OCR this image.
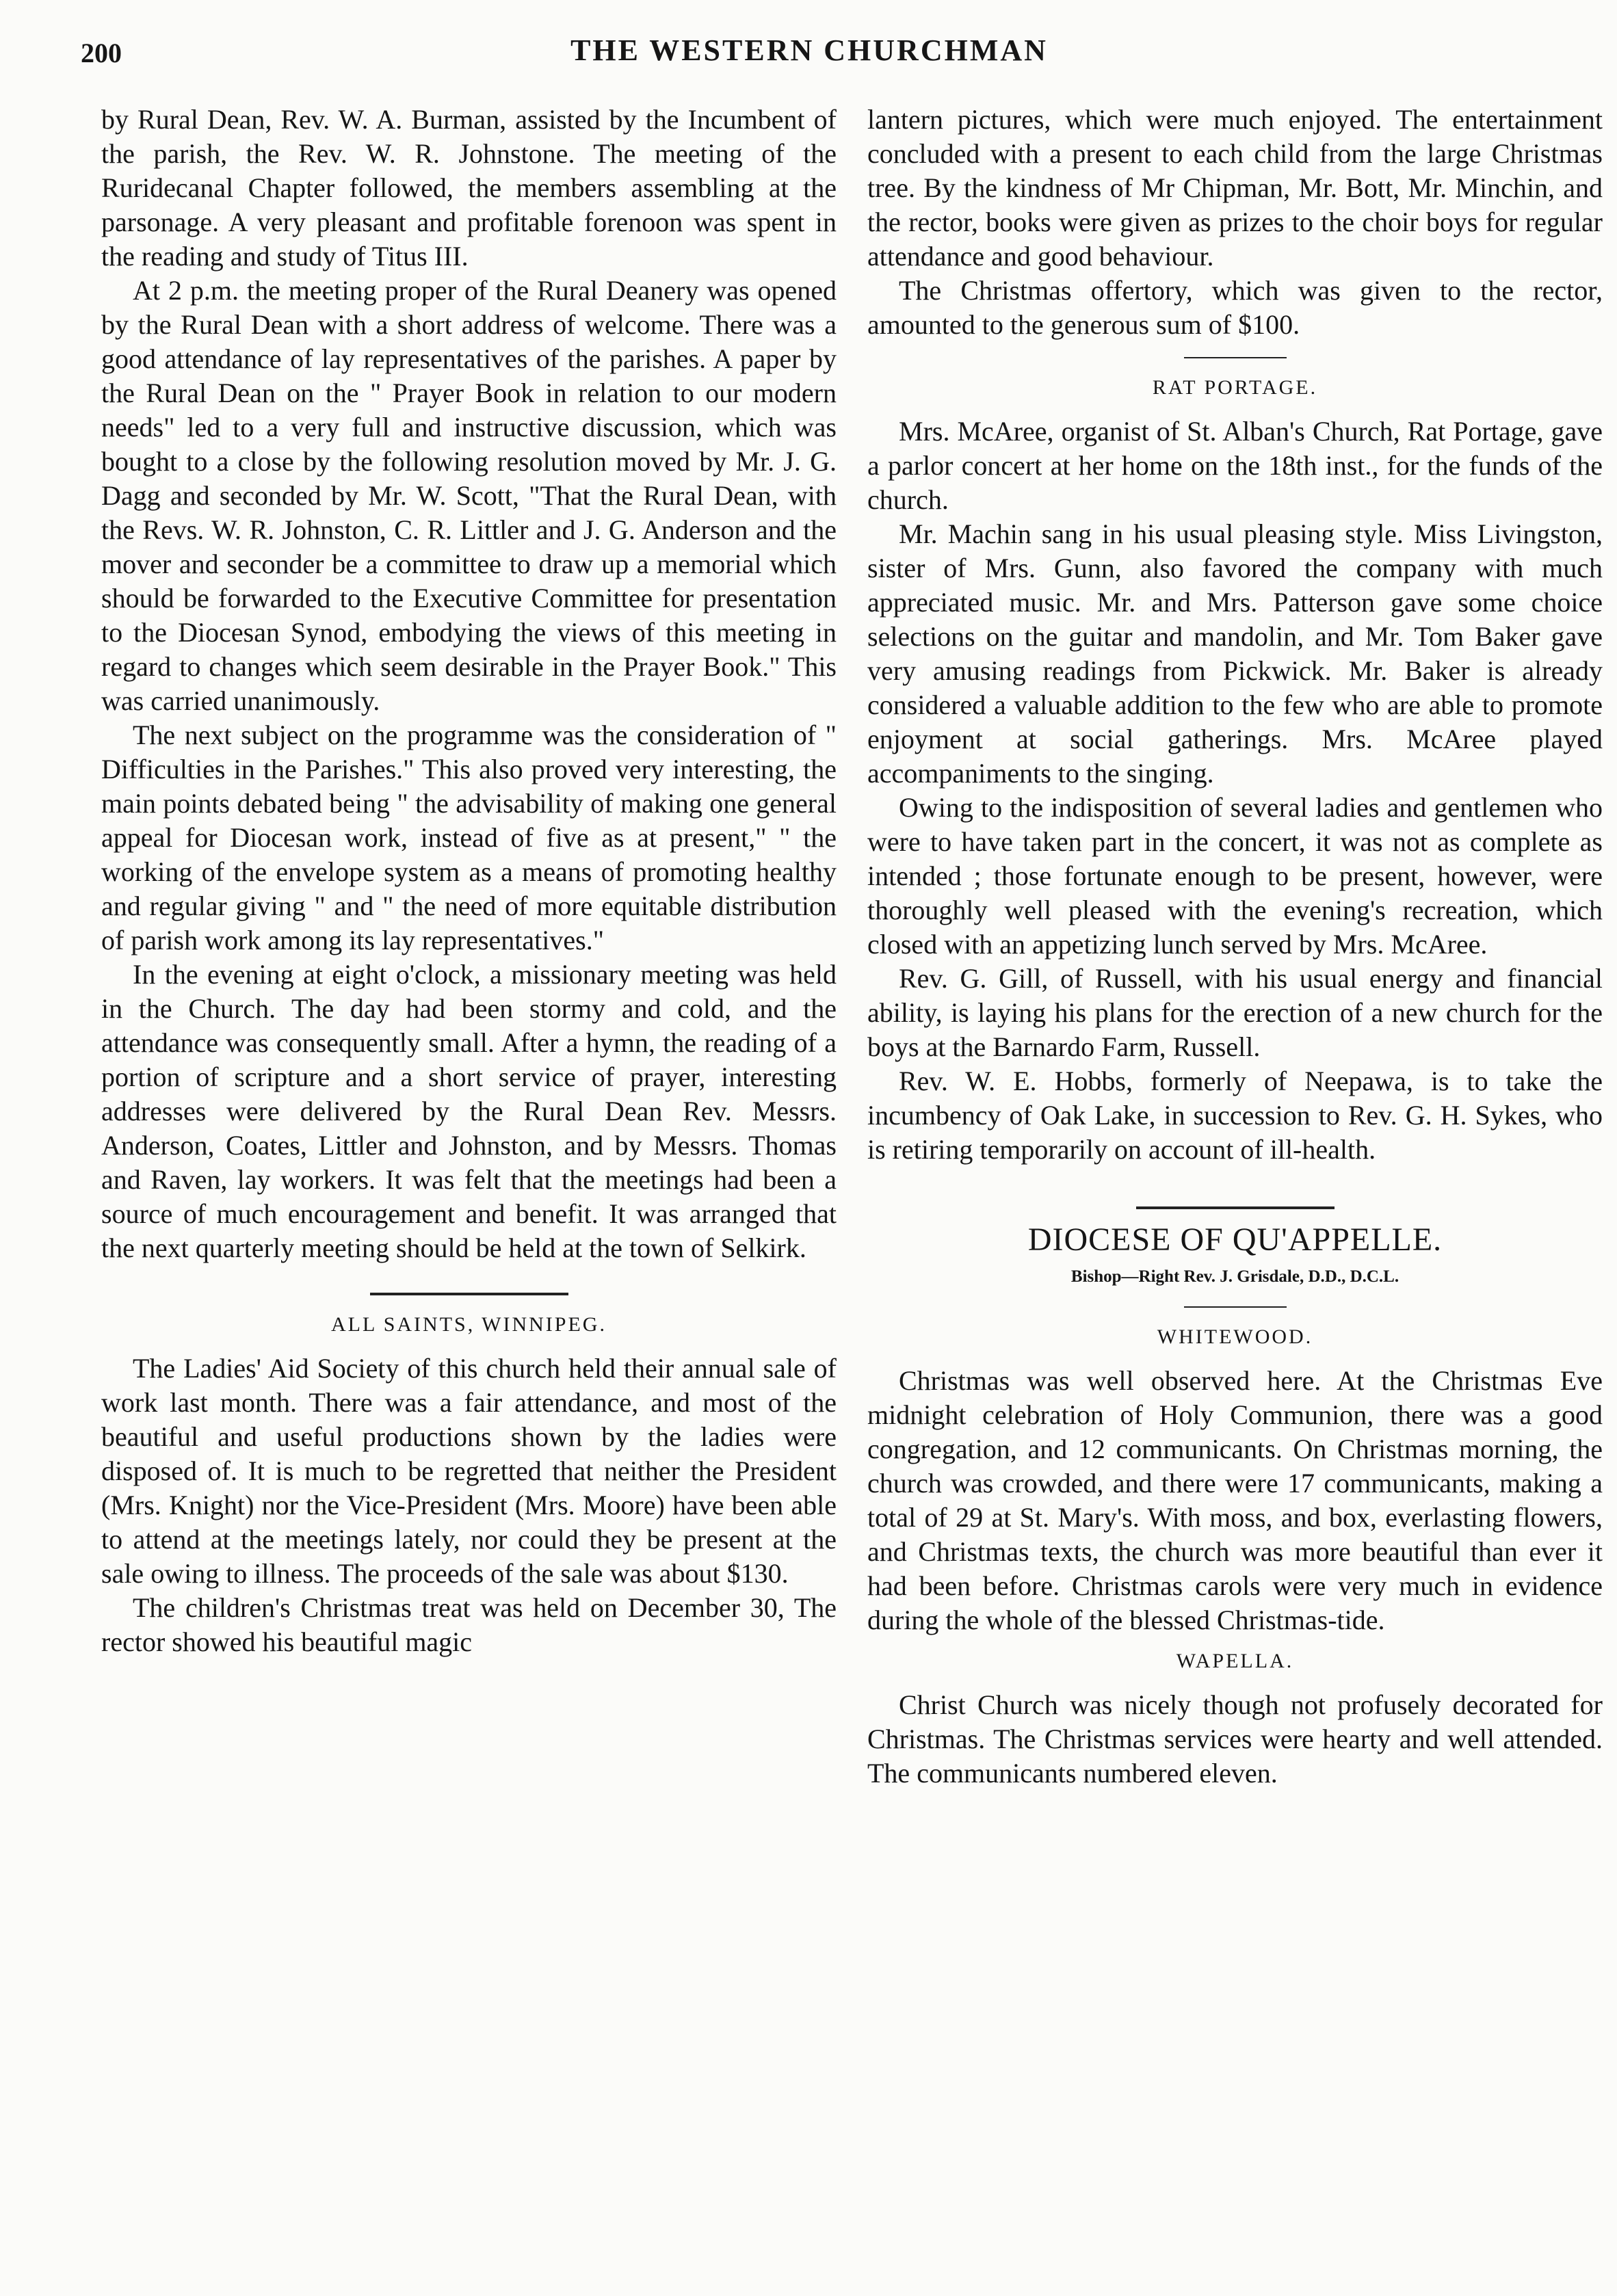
200	THE WESTERN CHURCHMAN

by Rural Dean, Rev. W. A. Burman, assisted by the Incumbent of the parish, the Rev. W. R. Johnstone. The meeting of the Ruridecanal Chapter followed, the members assembling at the parsonage. A very pleasant and profitable forenoon was spent in the reading and study of Titus III.

At 2 p.m. the meeting proper of the Rural Deanery was opened by the Rural Dean with a short address of welcome. There was a good attendance of lay representatives of the parishes. A paper by the Rural Dean on the " Prayer Book in relation to our modern needs" led to a very full and instructive discussion, which was bought to a close by the following resolution moved by Mr. J. G. Dagg and seconded by Mr. W. Scott, "That the Rural Dean, with the Revs. W. R. Johnston, C. R. Littler and J. G. Anderson and the mover and seconder be a committee to draw up a memorial which should be forwarded to the Executive Committee for presentation to the Diocesan Synod, embodying the views of this meeting in regard to changes which seem desirable in the Prayer Book." This was carried unanimously.

The next subject on the programme was the consideration of " Difficulties in the Parishes." This also proved very interesting, the main points debated being " the advisability of making one general appeal for Diocesan work, instead of five as at present," " the working of the envelope system as a means of promoting healthy and regular giving " and " the need of more equitable distribution of parish work among its lay representatives."

In the evening at eight o'clock, a missionary meeting was held in the Church. The day had been stormy and cold, and the attendance was consequently small. After a hymn, the reading of a portion of scripture and a short service of prayer, interesting addresses were delivered by the Rural Dean Rev. Messrs. Anderson, Coates, Littler and Johnston, and by Messrs. Thomas and Raven, lay workers. It was felt that the meetings had been a source of much encouragement and benefit. It was arranged that the next quarterly meeting should be held at the town of Selkirk.

ALL SAINTS, WINNIPEG.

The Ladies' Aid Society of this church held their annual sale of work last month. There was a fair attendance, and most of the beautiful and useful productions shown by the ladies were disposed of. It is much to be regretted that neither the President (Mrs. Knight) nor the Vice-President (Mrs. Moore) have been able to attend at the meetings lately, nor could they be present at the sale owing to illness. The proceeds of the sale was about $130.

The children's Christmas treat was held on December 30, The rector showed his beautiful magic

lantern pictures, which were much enjoyed. The entertainment concluded with a present to each child from the large Christmas tree. By the kindness of Mr Chipman, Mr. Bott, Mr. Minchin, and the rector, books were given as prizes to the choir boys for regular attendance and good behaviour.

The Christmas offertory, which was given to the rector, amounted to the generous sum of $100.

RAT PORTAGE.

Mrs. McAree, organist of St. Alban's Church, Rat Portage, gave a parlor concert at her home on the 18th inst., for the funds of the church.

Mr. Machin sang in his usual pleasing style. Miss Livingston, sister of Mrs. Gunn, also favored the company with much appreciated music. Mr. and Mrs. Patterson gave some choice selections on the guitar and mandolin, and Mr. Tom Baker gave very amusing readings from Pickwick. Mr. Baker is already considered a valuable addition to the few who are able to promote enjoyment at social gatherings. Mrs. McAree played accompaniments to the singing.

Owing to the indisposition of several ladies and gentlemen who were to have taken part in the concert, it was not as complete as intended ; those fortunate enough to be present, however, were thoroughly well pleased with the evening's recreation, which closed with an appetizing lunch served by Mrs. McAree.

Rev. G. Gill, of Russell, with his usual energy and financial ability, is laying his plans for the erection of a new church for the boys at the Barnardo Farm, Russell.

Rev. W. E. Hobbs, formerly of Neepawa, is to take the incumbency of Oak Lake, in succession to Rev. G. H. Sykes, who is retiring temporarily on account of ill-health.

DIOCESE OF QU'APPELLE.
Bishop—Right Rev. J. Grisdale, D.D., D.C.L.
WHITEWOOD.

Christmas was well observed here. At the Christmas Eve midnight celebration of Holy Communion, there was a good congregation, and 12 communicants. On Christmas morning, the church was crowded, and there were 17 communicants, making a total of 29 at St. Mary's. With moss, and box, everlasting flowers, and Christmas texts, the church was more beautiful than ever it had been before. Christmas carols were very much in evidence during the whole of the blessed Christmas-tide.

WAPELLA.

Christ Church was nicely though not profusely decorated for Christmas. The Christmas services were hearty and well attended. The communicants numbered eleven.
